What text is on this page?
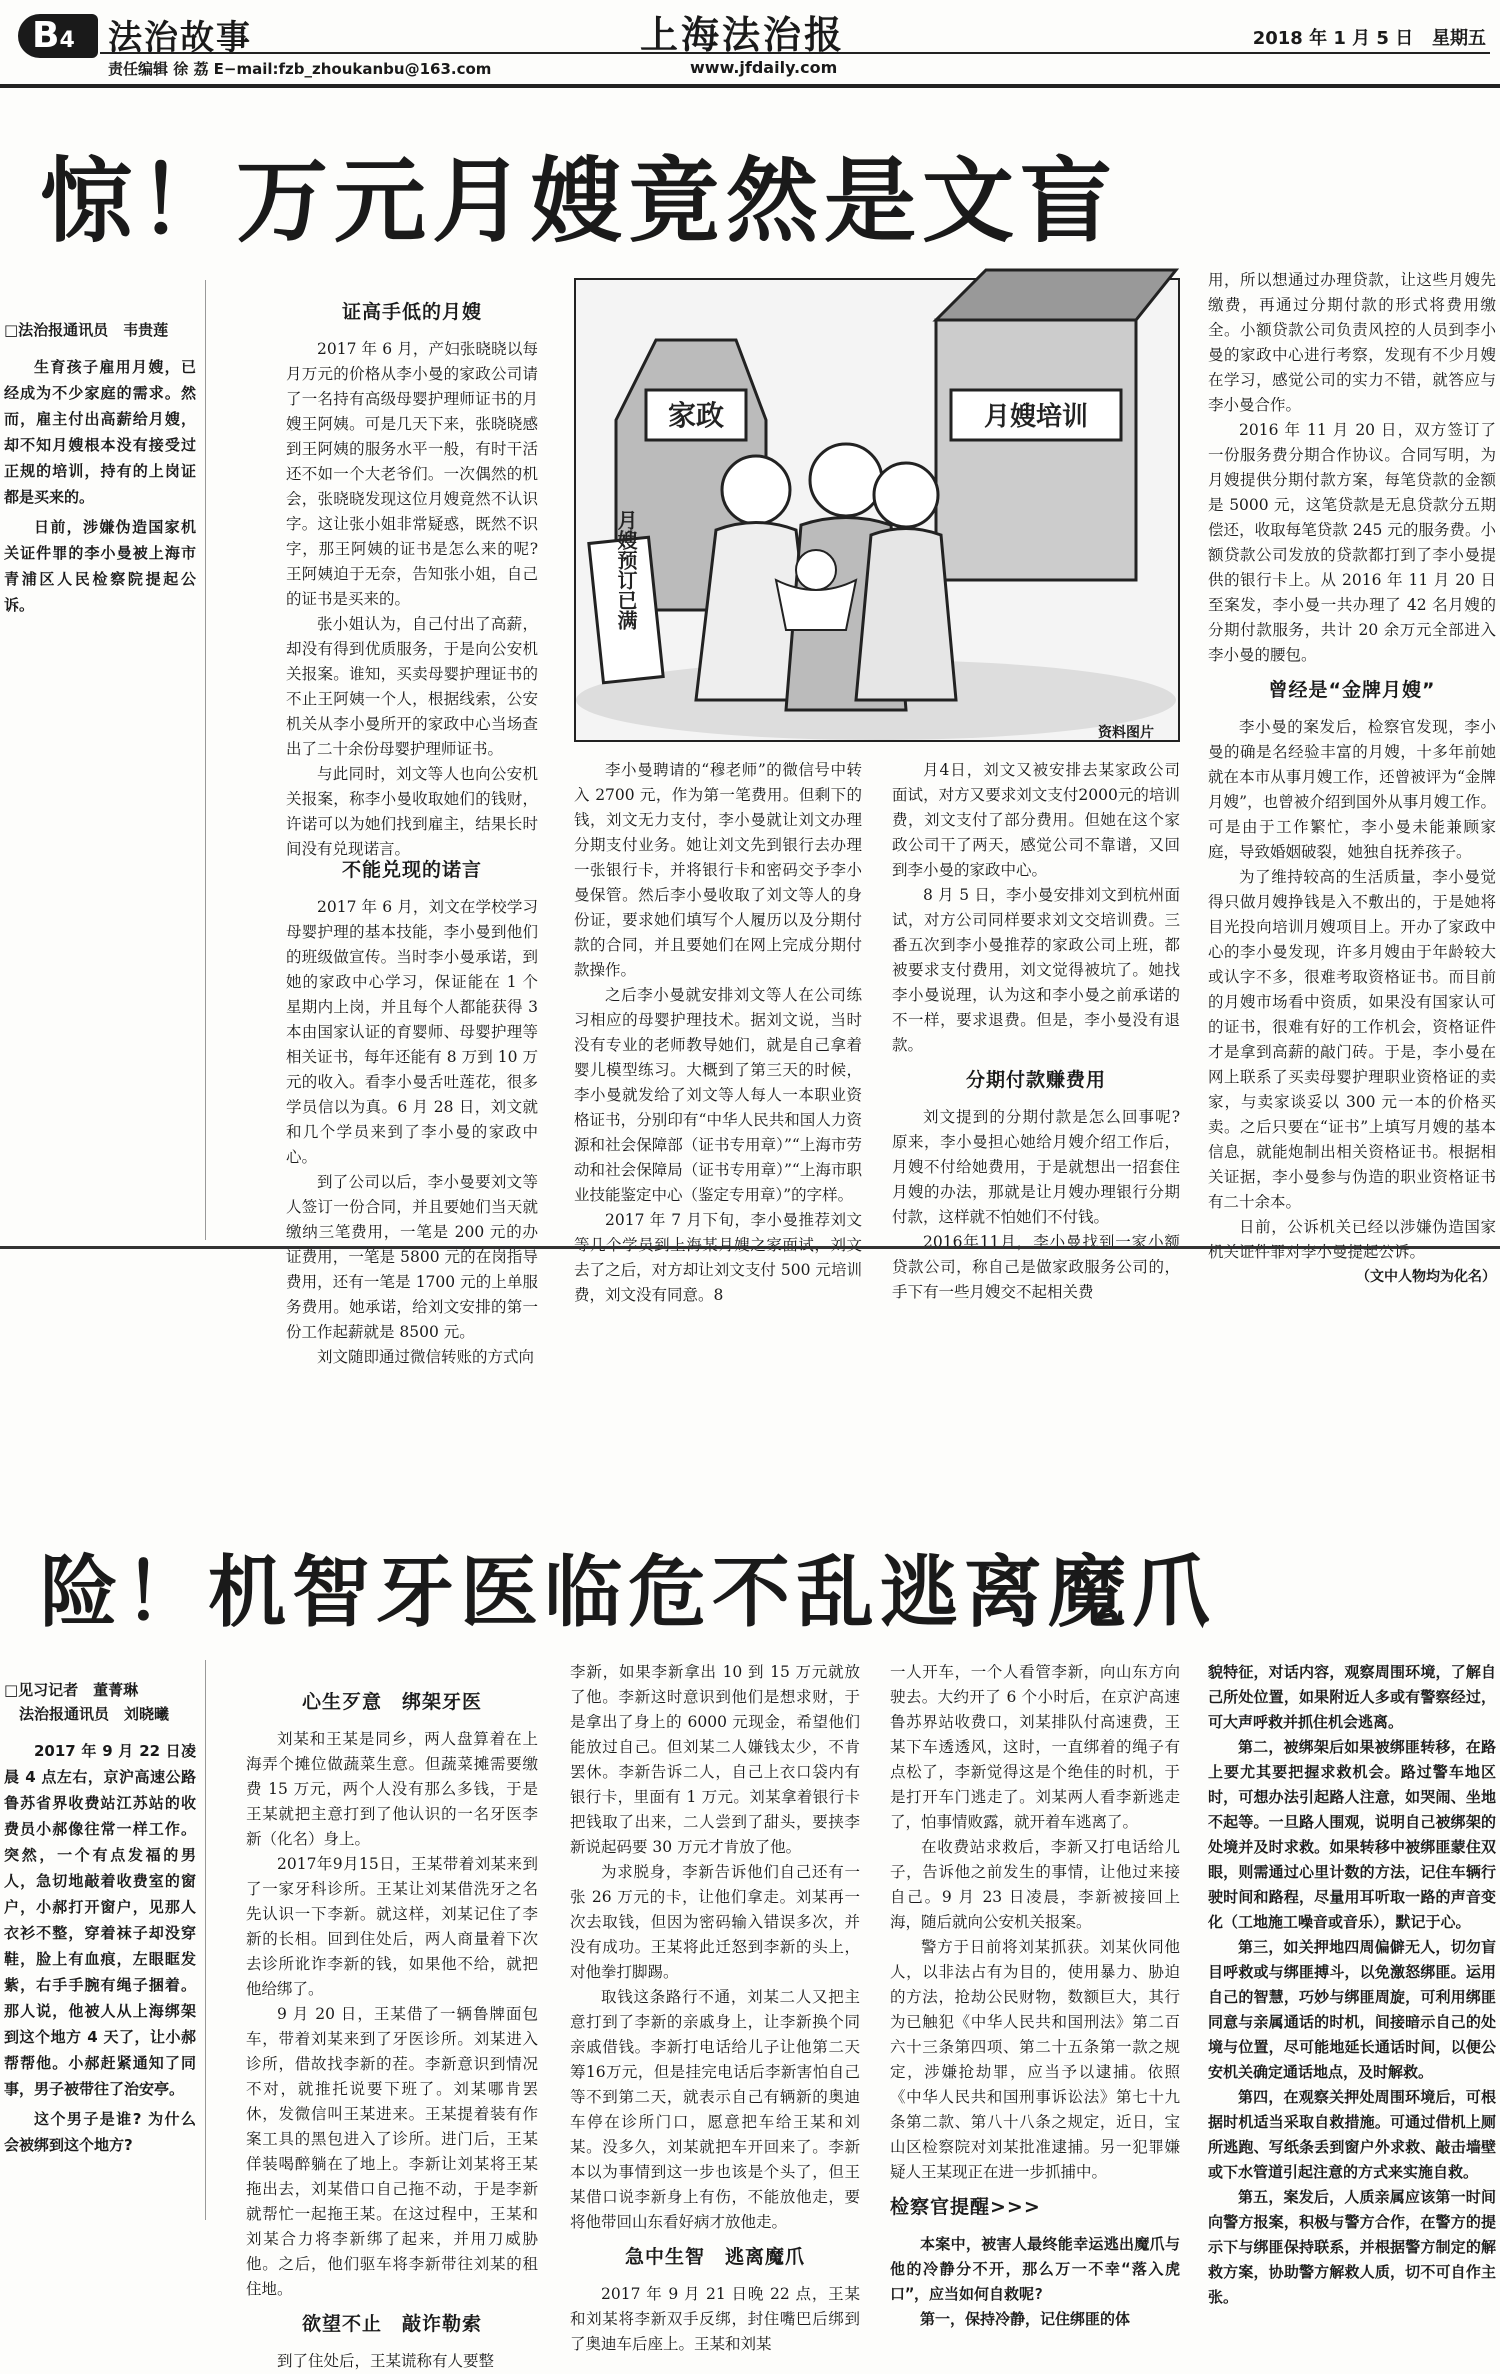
B4 法治故事
责任编辑 徐 荔 E−mail:fzb_zhoukanbu@163.com
上海法治报
www.jfdaily.com
2018 年 1 月 5 日   星期五
惊！万元月嫂竟然是文盲
□法治报通讯员　韦贵莲

生育孩子雇用月嫂，已经成为不少家庭的需求。然而，雇主付出高薪给月嫂，却不知月嫂根本没有接受过正规的培训，持有的上岗证都是买来的。

日前，涉嫌伪造国家机关证件罪的李小曼被上海市青浦区人民检察院提起公诉。

证高手低的月嫂

2017 年 6 月，产妇张晓晓以每月万元的价格从李小曼的家政公司请了一名持有高级母婴护理师证书的月嫂王阿姨。可是几天下来，张晓晓感到王阿姨的服务水平一般，有时干活还不如一个大老爷们。一次偶然的机会，张晓晓发现这位月嫂竟然不认识字。这让张小姐非常疑惑，既然不识字，那王阿姨的证书是怎么来的呢?王阿姨迫于无奈，告知张小姐，自己的证书是买来的。

张小姐认为，自己付出了高薪，却没有得到优质服务，于是向公安机关报案。谁知，买卖母婴护理证书的不止王阿姨一个人，根据线索，公安机关从李小曼所开的家政中心当场查出了二十余份母婴护理师证书。

与此同时，刘文等人也向公安机关报案，称李小曼收取她们的钱财，许诺可以为她们找到雇主，结果长时间没有兑现诺言。

不能兑现的诺言

2017 年 6 月，刘文在学校学习母婴护理的基本技能，李小曼到他们的班级做宣传。当时李小曼承诺，到她的家政中心学习，保证能在 1 个星期内上岗，并且每个人都能获得 3 本由国家认证的育婴师、母婴护理等相关证书，每年还能有 8 万到 10 万元的收入。看李小曼舌吐莲花，很多学员信以为真。6 月 28 日，刘文就和几个学员来到了李小曼的家政中心。

到了公司以后，李小曼要刘文等人签订一份合同，并且要她们当天就缴纳三笔费用，一笔是 200 元的办证费用，一笔是 5800 元的在岗指导费用，还有一笔是 1700 元的上单服务费用。她承诺，给刘文安排的第一份工作起薪就是 8500 元。

刘文随即通过微信转账的方式向

家政	月嫂培训
月嫂预订已满
资料图片

李小曼聘请的“穆老师”的微信号中转入 2700 元，作为第一笔费用。但剩下的钱，刘文无力支付，李小曼就让刘文办理分期支付业务。她让刘文先到银行去办理一张银行卡，并将银行卡和密码交予李小曼保管。然后李小曼收取了刘文等人的身份证，要求她们填写个人履历以及分期付款的合同，并且要她们在网上完成分期付款操作。

之后李小曼就安排刘文等人在公司练习相应的母婴护理技术。据刘文说，当时没有专业的老师教导她们，就是自己拿着婴儿模型练习。大概到了第三天的时候，李小曼就发给了刘文等人每人一本职业资格证书，分别印有“中华人民共和国人力资源和社会保障部（证书专用章）”“上海市劳动和社会保障局（证书专用章）”“上海市职业技能鉴定中心（鉴定专用章）”的字样。

2017 年 7 月下旬，李小曼推荐刘文等几个学员到上海某月嫂之家面试，刘文去了之后，对方却让刘文支付 500 元培训费，刘文没有同意。8

月4日，刘文又被安排去某家政公司面试，对方又要求刘文支付2000元的培训费，刘文支付了部分费用。但她在这个家政公司干了两天，感觉公司不靠谱，又回到李小曼的家政中心。

8 月 5 日，李小曼安排刘文到杭州面试，对方公司同样要求刘文交培训费。三番五次到李小曼推荐的家政公司上班，都被要求支付费用，刘文觉得被坑了。她找李小曼说理，认为这和李小曼之前承诺的不一样，要求退费。但是，李小曼没有退款。

分期付款赚费用

刘文提到的分期付款是怎么回事呢? 原来，李小曼担心她给月嫂介绍工作后，月嫂不付给她费用，于是就想出一招套住月嫂的办法，那就是让月嫂办理银行分期付款，这样就不怕她们不付钱。

2016年11月，李小曼找到一家小额贷款公司，称自己是做家政服务公司的，手下有一些月嫂交不起相关费

用，所以想通过办理贷款，让这些月嫂先缴费，再通过分期付款的形式将费用缴全。小额贷款公司负责风控的人员到李小曼的家政中心进行考察，发现有不少月嫂在学习，感觉公司的实力不错，就答应与李小曼合作。

2016 年 11 月 20 日，双方签订了一份服务费分期合作协议。合同写明，为月嫂提供分期付款方案，每笔贷款的金额是 5000 元，这笔贷款是无息贷款分五期偿还，收取每笔贷款 245 元的服务费。小额贷款公司发放的贷款都打到了李小曼提供的银行卡上。从 2016 年 11 月 20 日至案发，李小曼一共办理了 42 名月嫂的分期付款服务，共计 20 余万元全部进入李小曼的腰包。

曾经是“金牌月嫂”

李小曼的案发后，检察官发现，李小曼的确是名经验丰富的月嫂，十多年前她就在本市从事月嫂工作，还曾被评为“金牌月嫂”，也曾被介绍到国外从事月嫂工作。可是由于工作繁忙，李小曼未能兼顾家庭，导致婚姻破裂，她独自抚养孩子。

为了维持较高的生活质量，李小曼觉得只做月嫂挣钱是入不敷出的，于是她将目光投向培训月嫂项目上。开办了家政中心的李小曼发现，许多月嫂由于年龄较大或认字不多，很难考取资格证书。而目前的月嫂市场看中资质，如果没有国家认可的证书，很难有好的工作机会，资格证件才是拿到高薪的敲门砖。于是，李小曼在网上联系了买卖母婴护理职业资格证的卖家，与卖家谈妥以 300 元一本的价格买卖。之后只要在“证书”上填写月嫂的基本信息，就能炮制出相关资格证书。根据相关证据，李小曼参与伪造的职业资格证书有二十余本。

日前，公诉机关已经以涉嫌伪造国家机关证件罪对李小曼提起公诉。

（文中人物均为化名）

险！机智牙医临危不乱逃离魔爪
□见习记者　董菁琳
法治报通讯员　刘晓曦

2017 年 9 月 22 日凌晨 4 点左右，京沪高速公路鲁苏省界收费站江苏站的收费员小郝像往常一样工作。突然，一个有点发福的男人，急切地敲着收费室的窗户，小郝打开窗户，见那人衣衫不整，穿着袜子却没穿鞋，脸上有血痕，左眼眶发紫，右手手腕有绳子捆着。那人说，他被人从上海绑架到这个地方 4 天了，让小郝帮帮他。小郝赶紧通知了同事，男子被带往了治安亭。

这个男子是谁? 为什么会被绑到这个地方?

心生歹意　绑架牙医

刘某和王某是同乡，两人盘算着在上海弄个摊位做蔬菜生意。但蔬菜摊需要缴费 15 万元，两个人没有那么多钱，于是王某就把主意打到了他认识的一名牙医李新（化名）身上。

2017年9月15日，王某带着刘某来到了一家牙科诊所。王某让刘某借洗牙之名先认识一下李新。就这样，刘某记住了李新的长相。回到住处后，两人商量着下次去诊所讹诈李新的钱，如果他不给，就把他给绑了。

9 月 20 日，王某借了一辆鲁牌面包车，带着刘某来到了牙医诊所。刘某进入诊所，借故找李新的茬。李新意识到情况不对，就推托说要下班了。刘某哪肯罢休，发微信叫王某进来。王某提着装有作案工具的黑包进入了诊所。进门后，王某佯装喝醉躺在了地上。李新让刘某将王某拖出去，刘某借口自己拖不动，于是李新就帮忙一起拖王某。在这过程中，王某和刘某合力将李新绑了起来，并用刀威胁他。之后，他们驱车将李新带往刘某的租住地。

欲望不止　敲诈勒索

到了住处后，王某谎称有人要整

李新，如果李新拿出 10 到 15 万元就放了他。李新这时意识到他们是想求财，于是拿出了身上的 6000 元现金，希望他们能放过自己。但刘某二人嫌钱太少，不肯罢休。李新告诉二人，自己上衣口袋内有银行卡，里面有 1 万元。刘某拿着银行卡把钱取了出来，二人尝到了甜头，要挟李新说起码要 30 万元才肯放了他。

为求脱身，李新告诉他们自己还有一张 26 万元的卡，让他们拿走。刘某再一次去取钱，但因为密码输入错误多次，并没有成功。王某将此迁怒到李新的头上，对他拳打脚踢。

取钱这条路行不通，刘某二人又把主意打到了李新的亲戚身上，让李新换个同亲戚借钱。李新打电话给儿子让他第二天筹16万元，但是挂完电话后李新害怕自己等不到第二天，就表示自己有辆新的奥迪车停在诊所门口，愿意把车给王某和刘某。没多久，刘某就把车开回来了。李新本以为事情到这一步也该是个头了，但王某借口说李新身上有伤，不能放他走，要将他带回山东看好病才放他走。

急中生智　逃离魔爪

2017 年 9 月 21 日晚 22 点，王某和刘某将李新双手反绑，封住嘴巴后绑到了奥迪车后座上。王某和刘某

一人开车，一个人看管李新，向山东方向驶去。大约开了 6 个小时后，在京沪高速鲁苏界站收费口，刘某排队付高速费，王某下车透透风，这时，一直绑着的绳子有点松了，李新觉得这是个绝佳的时机，于是打开车门逃走了。刘某两人看李新逃走了，怕事情败露，就开着车逃离了。

在收费站求救后，李新又打电话给儿子，告诉他之前发生的事情，让他过来接自己。9 月 23 日凌晨，李新被接回上海，随后就向公安机关报案。

警方于日前将刘某抓获。刘某伙同他人，以非法占有为目的，使用暴力、胁迫的方法，抢劫公民财物，数额巨大，其行为已触犯《中华人民共和国刑法》第二百六十三条第四项、第二十五条第一款之规定，涉嫌抢劫罪，应当予以逮捕。依照《中华人民共和国刑事诉讼法》第七十九条第二款、第八十八条之规定，近日，宝山区检察院对刘某批准逮捕。另一犯罪嫌疑人王某现正在进一步抓捕中。

检察官提醒>>>

本案中，被害人最终能幸运逃出魔爪与他的冷静分不开，那么万一不幸“落入虎口”，应当如何自救呢?

第一，保持冷静，记住绑匪的体

貌特征，对话内容，观察周围环境，了解自己所处位置，如果附近人多或有警察经过，可大声呼救并抓住机会逃离。

第二，被绑架后如果被绑匪转移，在路上要尤其要把握求救机会。路过警车地区时，可想办法引起路人注意，如哭闹、坐地不起等。一旦路人围观，说明自己被绑架的处境并及时求救。如果转移中被绑匪蒙住双眼，则需通过心里计数的方法，记住车辆行驶时间和路程，尽量用耳听取一路的声音变化（工地施工噪音或音乐），默记于心。

第三，如关押地四周偏僻无人，切勿盲目呼救或与绑匪搏斗，以免激怒绑匪。运用自己的智慧，巧妙与绑匪周旋，可利用绑匪同意与亲属通话的时机，间接暗示自己的处境与位置，尽可能地延长通话时间，以便公安机关确定通话地点，及时解救。

第四，在观察关押处周围环境后，可根据时机适当采取自救措施。可通过借机上厕所逃跑、写纸条丢到窗户外求救、敲击墙壁或下水管道引起注意的方式来实施自救。

第五，案发后，人质亲属应该第一时间向警方报案，积极与警方合作，在警方的提示下与绑匪保持联系，并根据警方制定的解救方案，协助警方解救人质，切不可自作主张。
